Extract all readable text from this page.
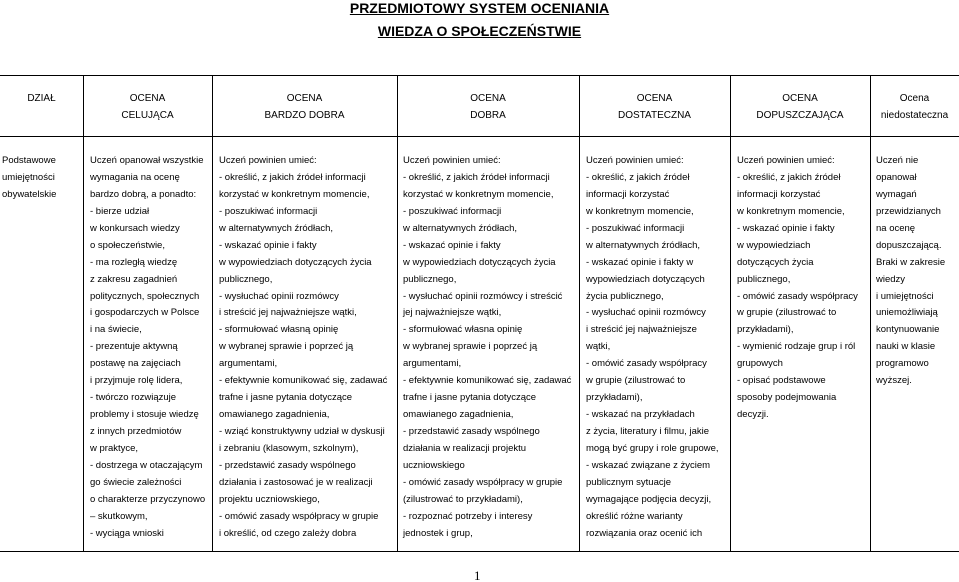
PRZEDMIOTOWY SYSTEM OCENIANIA
WIEDZA O SPOŁECZEŃSTWIE
DZIAŁ	OCENA
CELUJĄCA
OCENA
BARDZO DOBRA
OCENA
DOBRA
OCENA
DOSTATECZNA
OCENA
DOPUSZCZAJĄCA
Ocena
niedostateczna
Podstawowe
umiejętności
obywatelskie
Uczeń opanował wszystkie
wymagania na ocenę
bardzo dobrą, a ponadto:
- bierze udział
w konkursach wiedzy
o społeczeństwie,
- ma rozległą wiedzę
z zakresu zagadnień
politycznych, społecznych
i gospodarczych w Polsce
i na świecie,
- prezentuje aktywną
postawę na zajęciach
i przyjmuje rolę lidera,
- twórczo rozwiązuje
problemy i stosuje wiedzę
z innych przedmiotów
w praktyce,
- dostrzega w otaczającym
go świecie zależności
o charakterze przyczynowo
– skutkowym,
- wyciąga wnioski
Uczeń powinien umieć:
- określić, z jakich źródeł informacji
korzystać w konkretnym momencie,
- poszukiwać informacji
w alternatywnych źródłach,
- wskazać opinie i fakty
w wypowiedziach dotyczących życia
publicznego,
- wysłuchać opinii rozmówcy
i streścić jej najważniejsze wątki,
- sformułować własną opinię
w wybranej sprawie i poprzeć ją
argumentami,
- efektywnie komunikować się, zadawać
trafne i jasne pytania dotyczące
omawianego zagadnienia,
- wziąć konstruktywny udział w dyskusji
i zebraniu (klasowym, szkolnym),
- przedstawić zasady wspólnego
działania i zastosować je w realizacji
projektu uczniowskiego,
- omówić zasady współpracy w grupie
i określić, od czego zależy dobra
Uczeń powinien umieć:
- określić, z jakich źródeł informacji
korzystać w konkretnym momencie,
- poszukiwać informacji
w alternatywnych źródłach,
- wskazać opinie i fakty
w wypowiedziach dotyczących życia
publicznego,
- wysłuchać opinii rozmówcy i streścić
jej najważniejsze wątki,
- sformułować własna opinię
w wybranej sprawie i poprzeć ją
argumentami,
- efektywnie komunikować się, zadawać
trafne i jasne pytania dotyczące
omawianego zagadnienia,
- przedstawić zasady wspólnego
działania w realizacji projektu
uczniowskiego
- omówić zasady współpracy w grupie
(zilustrować to przykładami),
- rozpoznać potrzeby i interesy
jednostek i grup,
Uczeń powinien umieć:
- określić, z jakich źródeł
informacji korzystać
w konkretnym momencie,
- poszukiwać informacji
w alternatywnych źródłach,
- wskazać opinie i fakty w
wypowiedziach dotyczących
życia publicznego,
- wysłuchać opinii rozmówcy
i streścić jej najważniejsze
wątki,
- omówić zasady współpracy
w grupie (zilustrować to
przykładami),
- wskazać na przykładach
z życia, literatury i filmu, jakie
mogą być grupy i role grupowe,
- wskazać związane z życiem
publicznym sytuacje
wymagające podjęcia decyzji,
określić różne warianty
rozwiązania oraz ocenić ich
Uczeń powinien umieć:
- określić, z jakich źródeł
informacji korzystać
w konkretnym momencie,
- wskazać opinie i fakty
w wypowiedziach
dotyczących życia
publicznego,
- omówić zasady współpracy
w grupie (zilustrować to
przykładami),
- wymienić rodzaje grup i ról
grupowych
- opisać podstawowe
sposoby podejmowania
decyzji.
Uczeń nie
opanował
wymagań
przewidzianych
na ocenę
dopuszczającą.
Braki w zakresie
wiedzy
i umiejętności
uniemożliwiają
kontynuowanie
nauki w klasie
programowo
wyższej.
1
